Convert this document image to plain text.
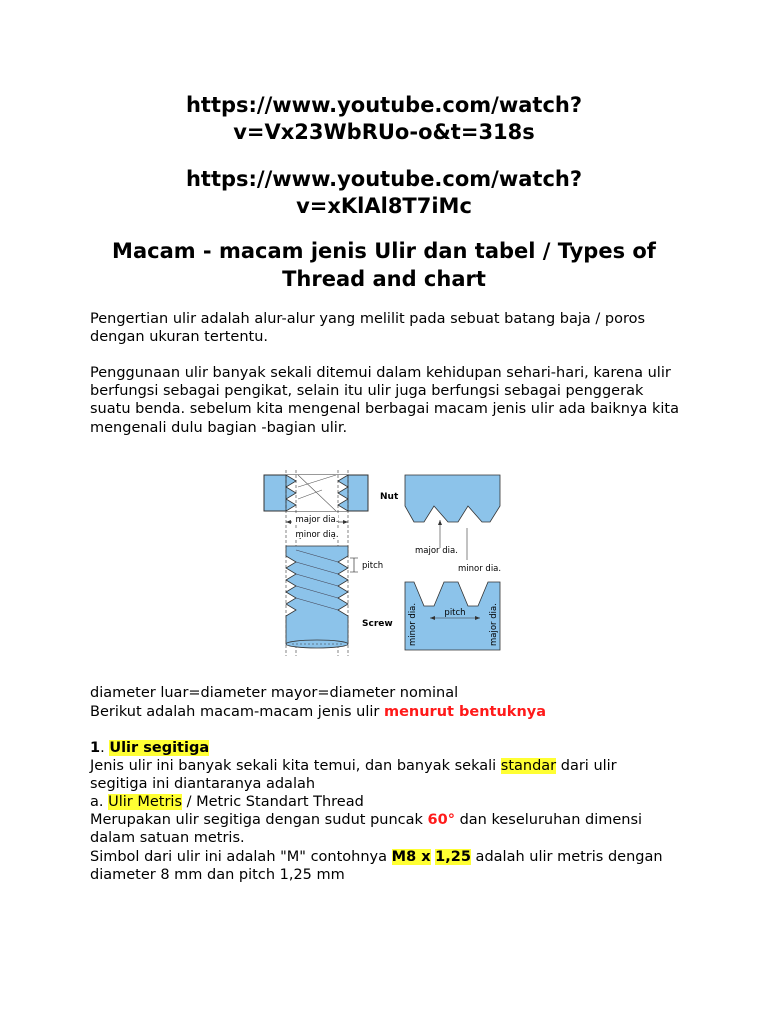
https://www.youtube.com/watch?
v=Vx23WbRUo-o&t=318s
https://www.youtube.com/watch?
v=xKlAl8T7iMc
Macam - macam jenis Ulir dan tabel / Types of Thread and chart
Pengertian ulir adalah alur-alur yang melilit pada sebuat batang baja / poros dengan ukuran tertentu.
Penggunaan ulir banyak sekali ditemui dalam kehidupan sehari-hari, karena ulir berfungsi sebagai pengikat, selain itu ulir juga berfungsi sebagai penggerak suatu benda. sebelum kita mengenal berbagai macam jenis ulir ada baiknya kita mengenali dulu bagian -bagian ulir.
Nut
major dia.
minor dia.
pitch
Screw
major dia.
minor dia.
pitch
minor dia.	major dia.
diameter luar=diameter mayor=diameter nominal
Berikut adalah macam-macam jenis ulir menurut bentuknya
1. Ulir segitiga
Jenis ulir ini banyak sekali kita temui, dan banyak sekali standar dari ulir segitiga ini diantaranya adalah
a. Ulir Metris / Metric Standart Thread
Merupakan ulir segitiga dengan sudut puncak 60° dan keseluruhan dimensi dalam satuan metris.
Simbol dari ulir ini adalah "M" contohnya M8 x 1,25 adalah ulir metris dengan diameter 8 mm dan pitch 1,25 mm
